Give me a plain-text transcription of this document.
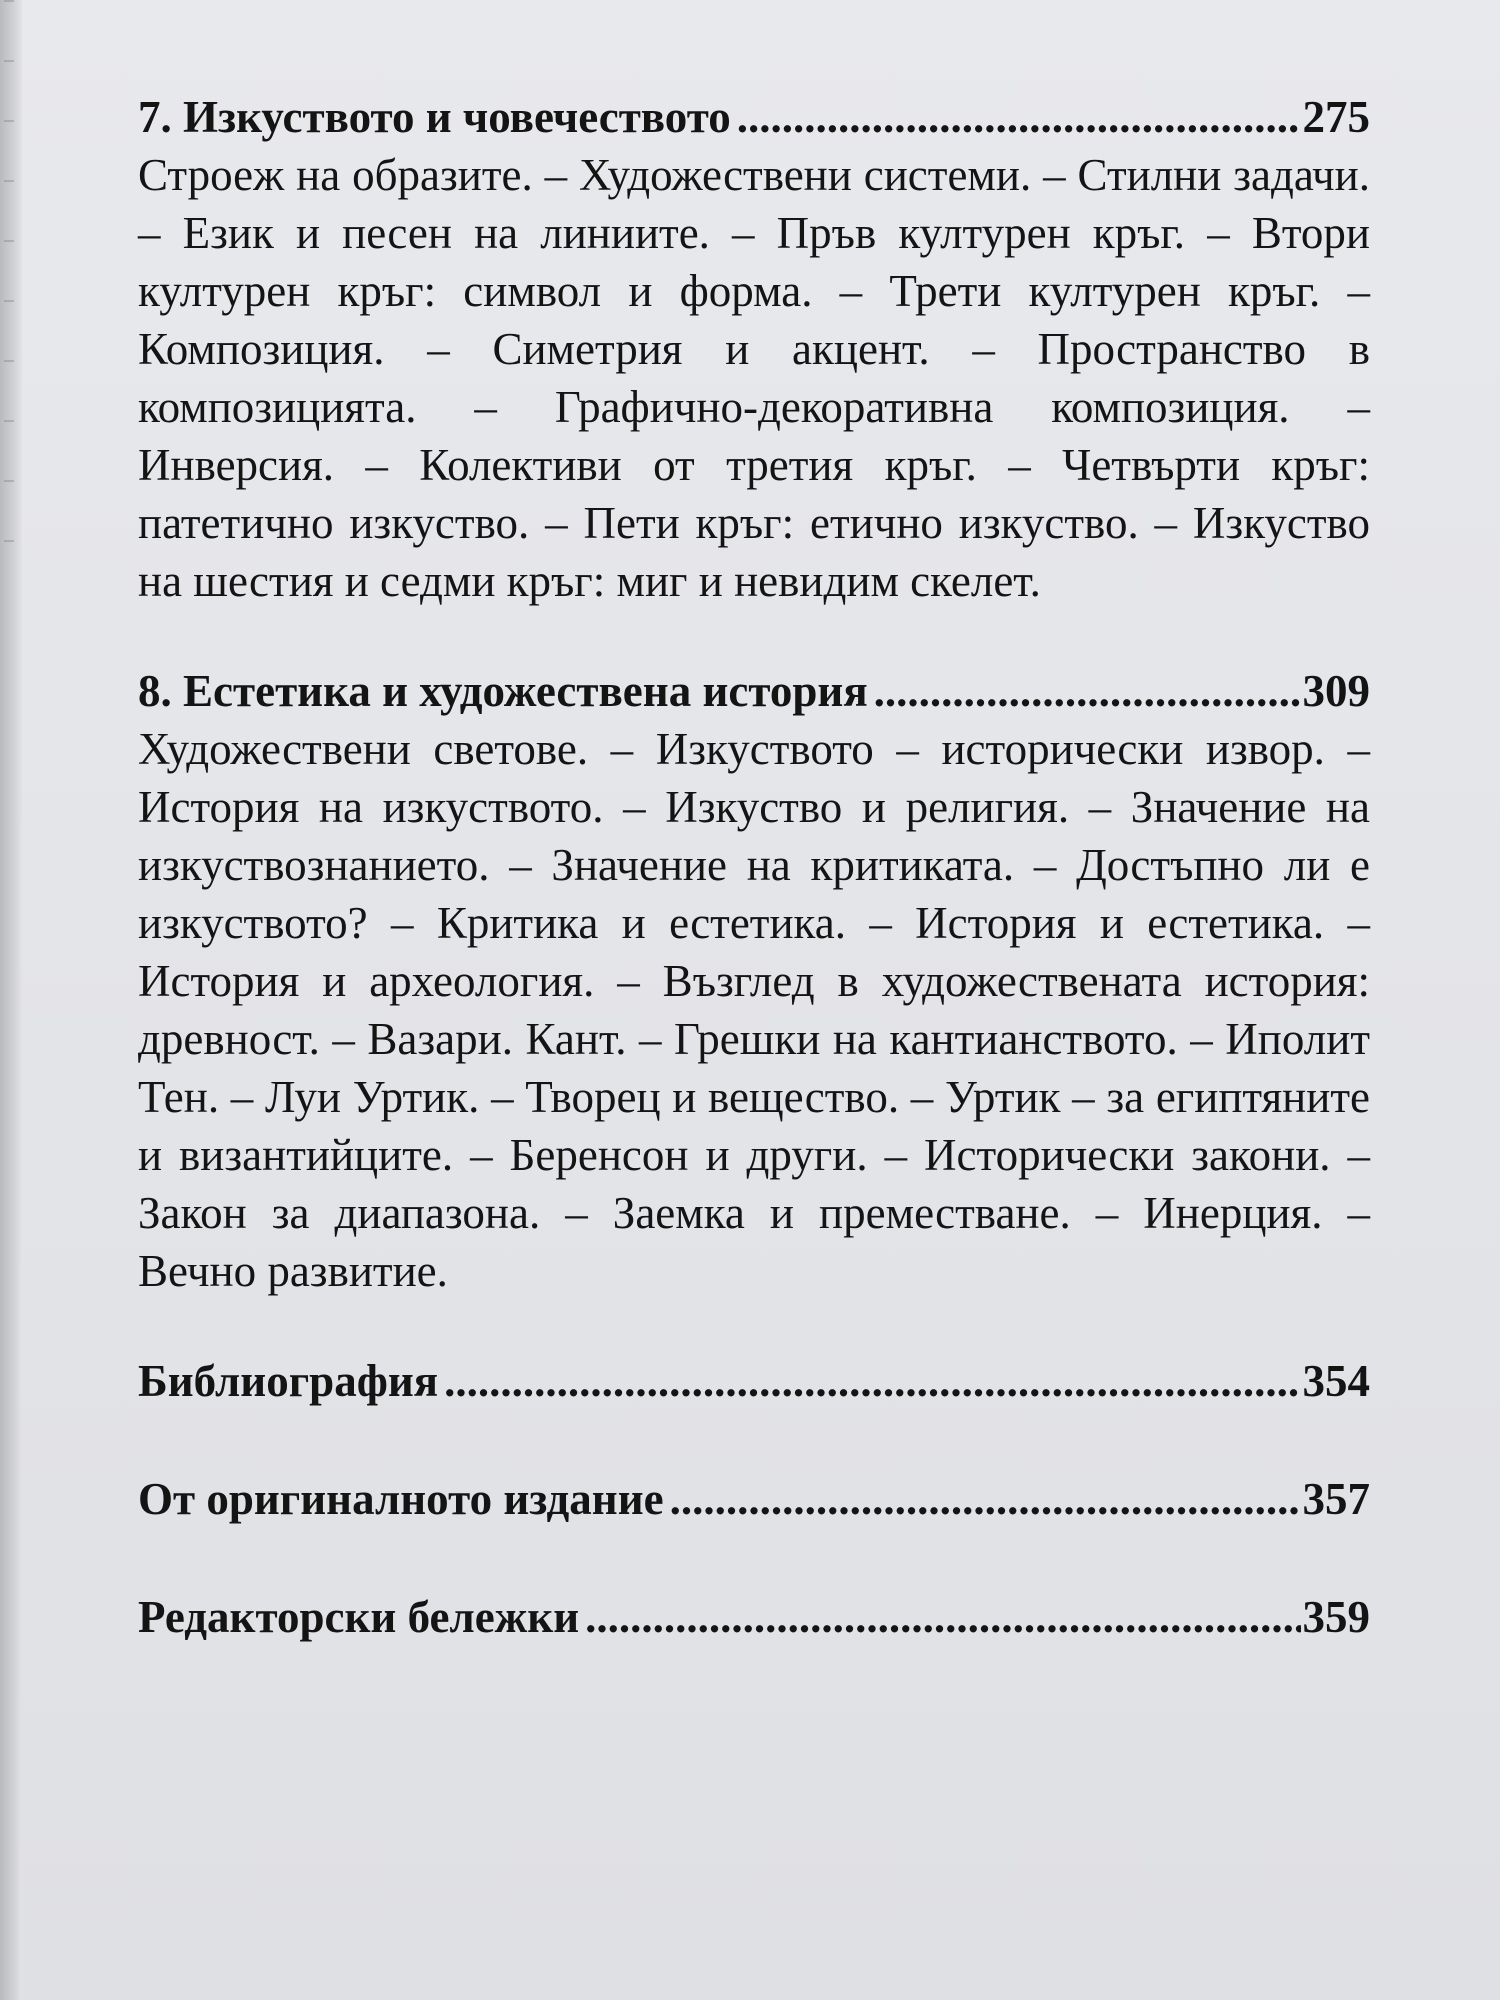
7. Изкуството и човечеството .....	275

Строеж на образите. – Художествени системи. – Стилни задачи. – Език и песен на линиите. – Пръв културен кръг. – Втори културен кръг: символ и форма. – Трети културен кръг. – Композиция. – Симетрия и акцент. – Пространство в композицията. – Графично-декоративна композиция. – Инверсия. – Колективи от третия кръг. – Четвърти кръг: патетично изкуство. – Пети кръг: етично изкуство. – Изкуство на шестия и седми кръг: миг и невидим скелет.

8. Естетика и художествена история .....	309

Художествени светове. – Изкуството – исторически извор. – История на изкуството. – Изкуство и религия. – Значение на изкуствознанието. – Значение на критиката. – Достъпно ли е изкуството? – Критика и естетика. – История и естетика. – История и археология. – Възглед в художествената история: древност. – Вазари. Кант. – Грешки на кантианството. – Иполит Тен. – Луи Уртик. – Творец и вещество. – Уртик – за египтяните и византийците. – Беренсон и други. – Исторически закони. – Закон за диапазона. – Заемка и преместване. – Инерция. – Вечно развитие.

Библиография .....	354
От оригиналното издание .....	357
Редакторски бележки .....	359
